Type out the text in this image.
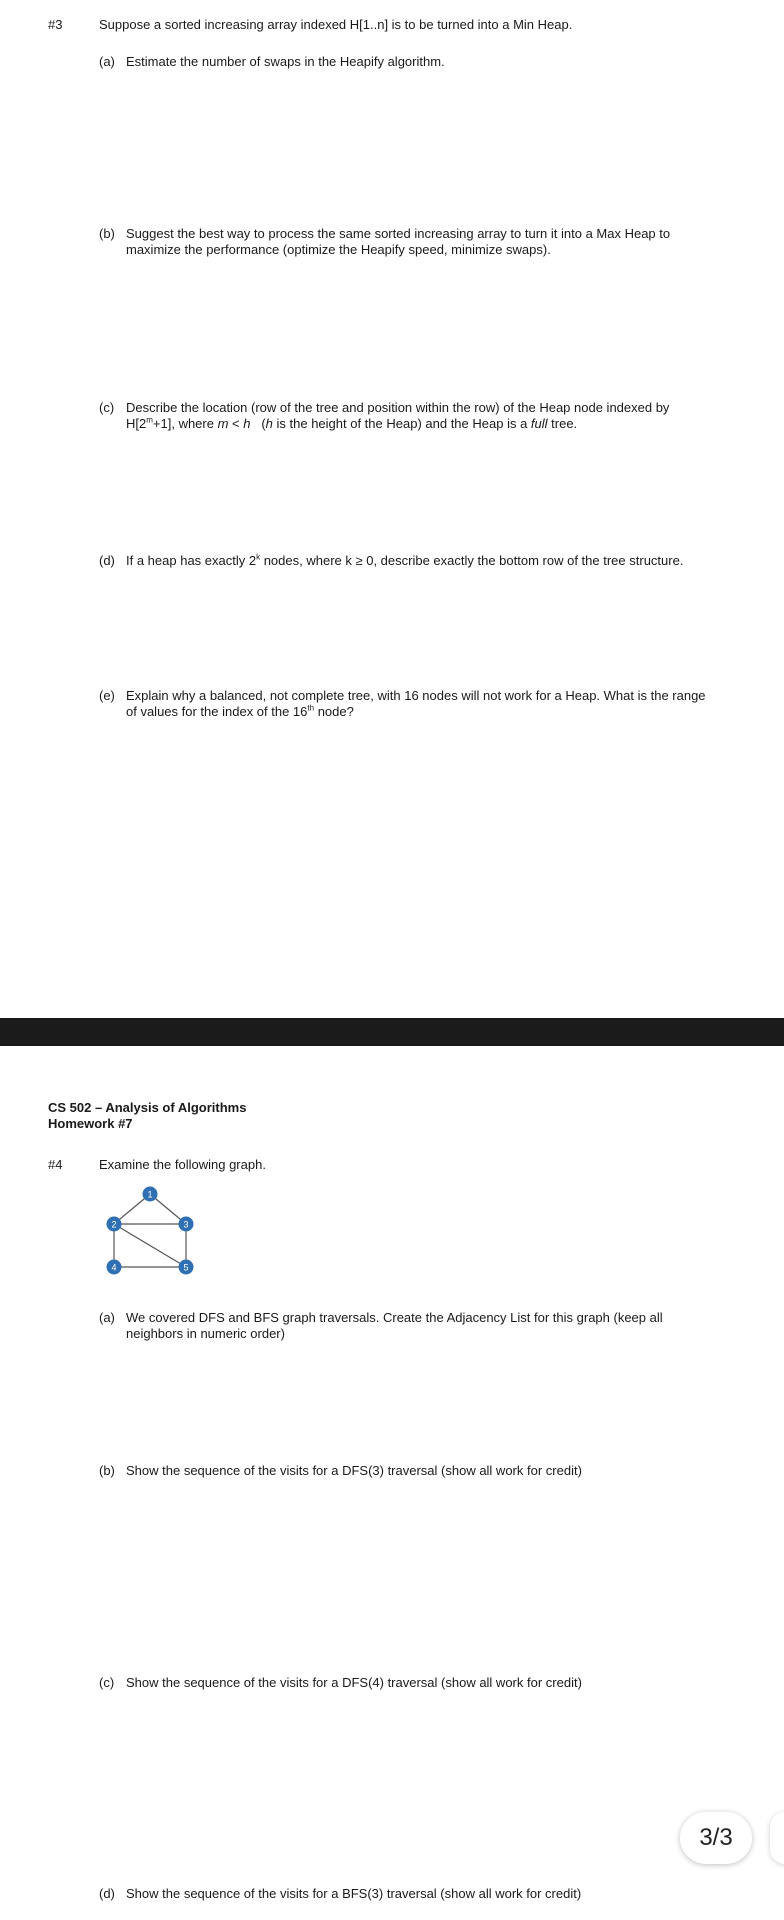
#3	Suppose a sorted increasing array indexed H[1..n] is to be turned into a Min Heap.
(a) Estimate the number of swaps in the Heapify algorithm.
(b) Suggest the best way to process the same sorted increasing array to turn it into a Max Heap to maximize the performance (optimize the Heapify speed, minimize swaps).
(c) Describe the location (row of the tree and position within the row) of the Heap node indexed by $H[2^m+1]$, where m < h   (h is the height of the Heap) and the Heap is a full tree.
(d) If a heap has exactly 2$^k$ nodes, where k ≥ 0, describe exactly the bottom row of the tree structure.
(e) Explain why a balanced, not complete tree, with 16 nodes will not work for a Heap. What is the range of values for the index of the 16th node?
CS 502 – Analysis of Algorithms
Homework #7
#4	Examine the following graph.
1
2	3
4	5
(a) We covered DFS and BFS graph traversals. Create the Adjacency List for this graph (keep all neighbors in numeric order)
(b) Show the sequence of the visits for a DFS(3) traversal (show all work for credit)
(c) Show the sequence of the visits for a DFS(4) traversal (show all work for credit)
(d) Show the sequence of the visits for a BFS(3) traversal (show all work for credit)
3/3
